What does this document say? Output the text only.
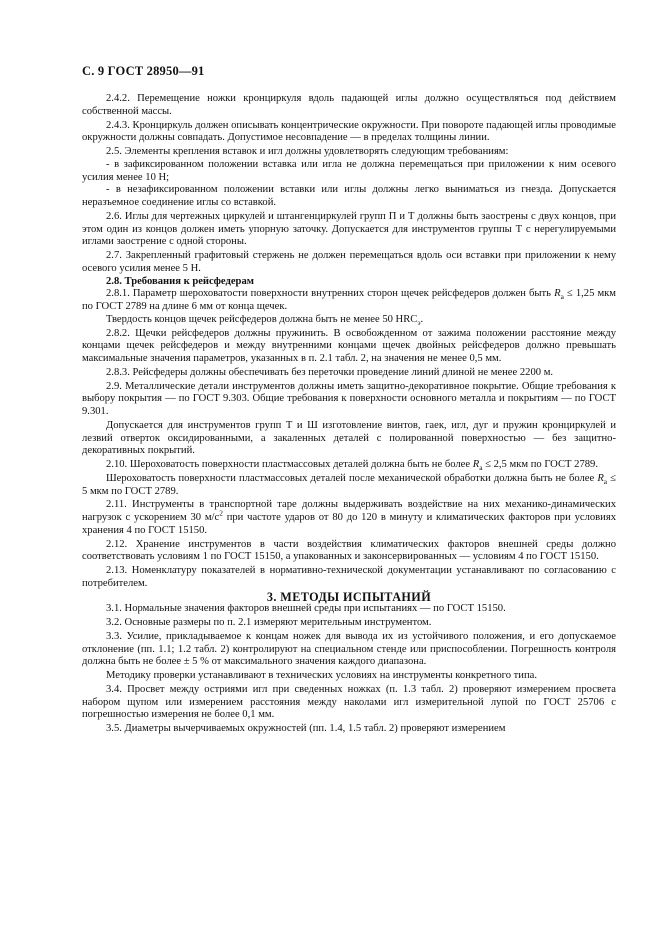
С. 9 ГОСТ 28950—91

2.4.2. Перемещение ножки кронциркуля вдоль падающей иглы должно осуществляться под действием собственной массы.

2.4.3. Кронциркуль должен описывать концентрические окружности. При повороте падающей иглы проводимые окружности должны совпадать. Допустимое несовпадение — в пределах толщины линии.

2.5. Элементы крепления вставок и игл должны удовлетворять следующим требованиям:

- в зафиксированном положении вставка или игла не должна перемещаться при приложении к ним осевого усилия менее 10 Н;

- в незафиксированном положении вставки или иглы должны легко выниматься из гнезда. Допускается неразъемное соединение иглы со вставкой.

2.6. Иглы для чертежных циркулей и штангенциркулей групп П и Т должны быть заострены с двух концов, при этом один из концов должен иметь упорную заточку. Допускается для инструментов группы Т с нерегулируемыми иглами заострение с одной стороны.

2.7. Закрепленный графитовый стержень не должен перемещаться вдоль оси вставки при приложении к нему осевого усилия менее 5 Н.

2.8. Требования к рейсфедерам

2.8.1. Параметр шероховатости поверхности внутренних сторон щечек рейсфедеров должен быть $R_a \le 1,25$ мкм по ГОСТ 2789 на длине 6 мм от конца щечек.

Твердость концов щечек рейсфедеров должна быть не менее 50 $HRC_э$.

2.8.2. Щечки рейсфедеров должны пружинить. В освобожденном от зажима положении расстояние между концами щечек рейсфедеров и между внутренними концами щечек двойных рейсфедеров должно превышать максимальные значения параметров, указанных в п. 2.1 табл. 2, на значения не менее 0,5 мм.

2.8.3. Рейсфедеры должны обеспечивать без переточки проведение линий длиной не менее 2200 м.

2.9. Металлические детали инструментов должны иметь защитно-декоративное покрытие. Общие требования к выбору покрытия — по ГОСТ 9.303. Общие требования к поверхности основного металла и покрытиям — по ГОСТ 9.301.

Допускается для инструментов групп Т и Ш изготовление винтов, гаек, игл, дуг и пружин кронциркулей и лезвий отверток оксидированными, а закаленных деталей с полированной поверхностью — без защитно-декоративных покрытий.

2.10. Шероховатость поверхности пластмассовых деталей должна быть не более $R_a \le 2,5$ мкм по ГОСТ 2789.

Шероховатость поверхности пластмассовых деталей после механической обработки должна быть не более $R_a \le 5$ мкм по ГОСТ 2789.

2.11. Инструменты в транспортной таре должны выдерживать воздействие на них механико-динамических нагрузок с ускорением 30 $м/с^2$ при частоте ударов от 80 до 120 в минуту и климатических факторов при условиях хранения 4 по ГОСТ 15150.

2.12. Хранение инструментов в части воздействия климатических факторов внешней среды должно соответствовать условиям 1 по ГОСТ 15150, а упакованных и законсервированных — условиям 4 по ГОСТ 15150.

2.13. Номенклатуру показателей в нормативно-технической документации устанавливают по согласованию с потребителем.

3. МЕТОДЫ ИСПЫТАНИЙ

3.1. Нормальные значения факторов внешней среды при испытаниях — по ГОСТ 15150.

3.2. Основные размеры по п. 2.1 измеряют мерительным инструментом.

3.3. Усилие, прикладываемое к концам ножек для вывода их из устойчивого положения, и его допускаемое отклонение (пп. 1.1; 1.2 табл. 2) контролируют на специальном стенде или приспособлении. Погрешность контроля должна быть не более ± 5 % от максимального значения каждого диапазона.

Методику проверки устанавливают в технических условиях на инструменты конкретного типа.

3.4. Просвет между остриями игл при сведенных ножках (п. 1.3 табл. 2) проверяют измерением просвета набором щупом или измерением расстояния между наколами игл измерительной лупой по ГОСТ 25706 с погрешностью измерения не более 0,1 мм.

3.5. Диаметры вычерчиваемых окружностей (пп. 1.4, 1.5 табл. 2) проверяют измерением
